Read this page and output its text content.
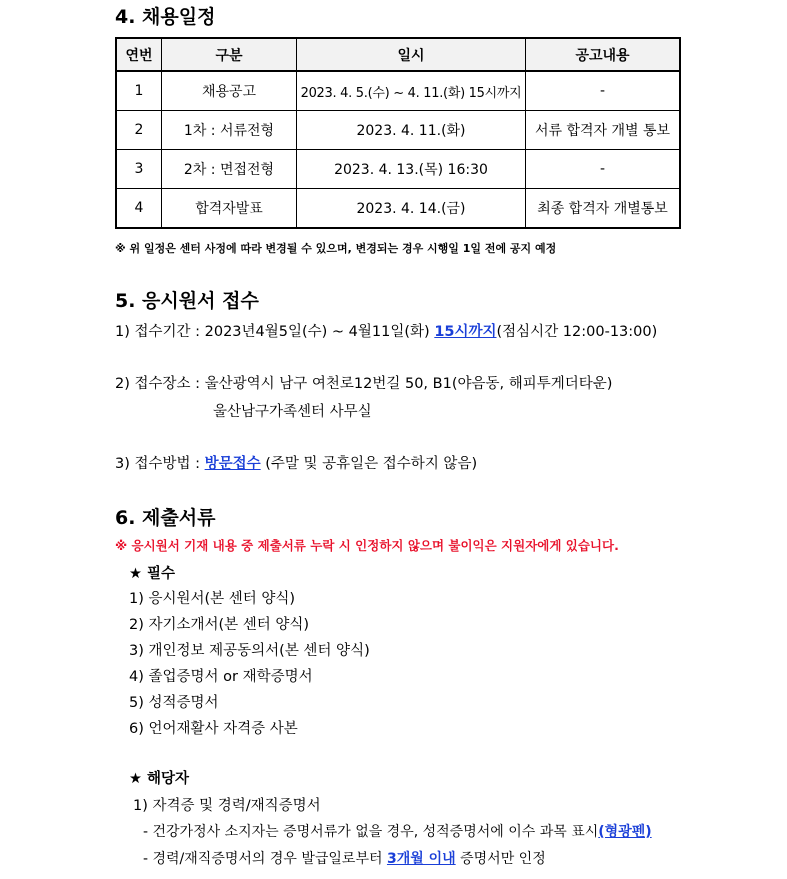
4. 채용일정
연번	구분	일시	공고내용
1	채용공고	2023. 4. 5.(수) ~ 4. 11.(화) 15시까지	-
2	1차 : 서류전형	2023. 4. 11.(화)	서류 합격자 개별 통보
3	2차 : 면접전형	2023. 4. 13.(목) 16:30	-
4	합격자발표	2023. 4. 14.(금)	최종 합격자 개별통보
※ 위 일정은 센터 사정에 따라 변경될 수 있으며, 변경되는 경우 시행일 1일 전에 공지 예정
5. 응시원서 접수
1) 접수기간 : 2023년4월5일(수) ~ 4월11일(화) 15시까지(점심시간 12:00-13:00)
2) 접수장소 : 울산광역시 남구 여천로12번길 50, B1(야음동, 해피투게더타운)
울산남구가족센터 사무실
3) 접수방법 : 방문접수 (주말 및 공휴일은 접수하지 않음)
6. 제출서류
※ 응시원서 기재 내용 중 제출서류 누락 시 인정하지 않으며 불이익은 지원자에게 있습니다.
★ 필수
1) 응시원서(본 센터 양식)
2) 자기소개서(본 센터 양식)
3) 개인정보 제공동의서(본 센터 양식)
4) 졸업증명서 or 재학증명서
5) 성적증명서
6) 언어재활사 자격증 사본
★ 해당자
1) 자격증 및 경력/재직증명서
- 건강가정사 소지자는 증명서류가 없을 경우, 성적증명서에 이수 과목 표시(형광펜)
- 경력/재직증명서의 경우 발급일로부터 3개월 이내 증명서만 인정
